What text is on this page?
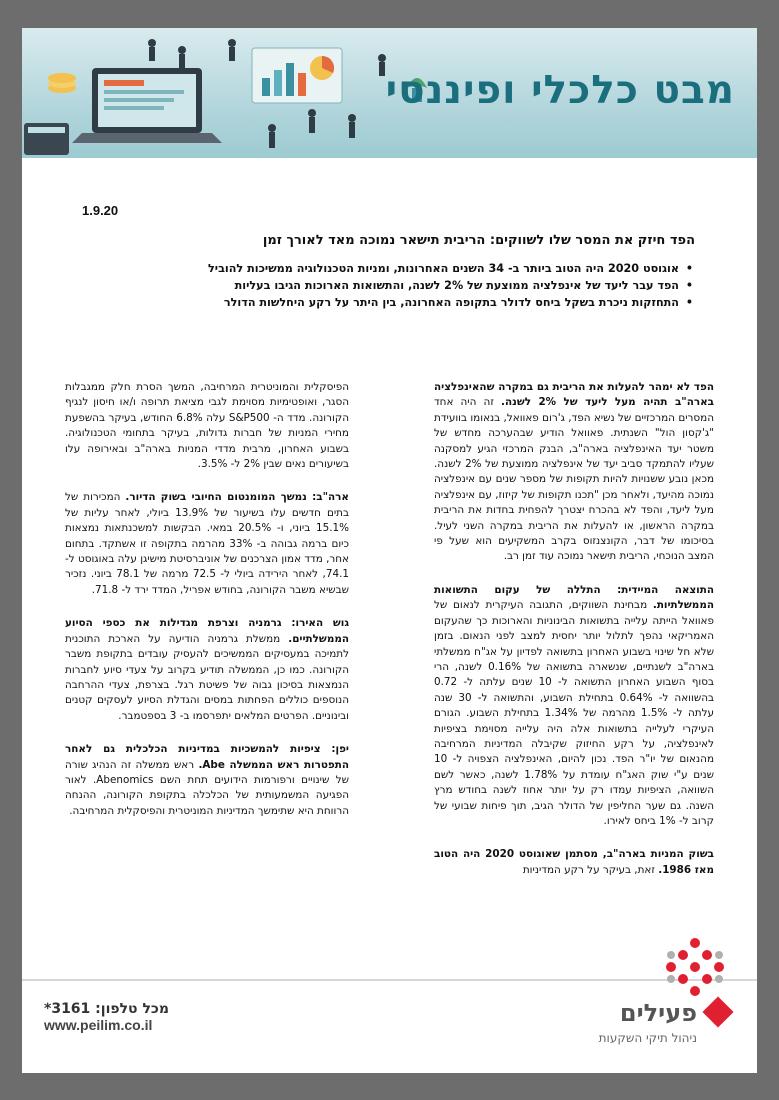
מבט כלכלי ופיננסי
1.9.20
הפד חיזק את המסר שלו לשווקים: הריבית תישאר נמוכה מאד לאורך זמן
• אוגוסט 2020 היה הטוב ביותר ב- 34 השנים האחרונות, ומניות הטכנולוגיה ממשיכות להוביל
• הפד עבר ליעד של אינפלציה ממוצעת של 2% לשנה, והתשואות הארוכות הגיבו בעליות
• התחזקות ניכרת בשקל ביחס לדולר בתקופה האחרונה, בין היתר על רקע היחלשות הדולר

הפד לא ימהר להעלות את הריבית גם במקרה שהאינפלציה בארה"ב תהיה מעל ליעד של 2% לשנה. זה היה אחד המסרים המרכזיים של נשיא הפד, ג'רום פאוואל, בנאומו בוועידת "ג'קסון הול" השנתית. פאוואל הודיע שבהערכה מחדש של משטר יעד האינפלציה בארה"ב, הבנק המרכזי הגיע למסקנה שעליו להתמקד סביב יעד של אינפלציה ממוצעת של 2% לשנה. מכאן נובע ששנויות להיות תקופות של מספר שנים עם אינפלציה נמוכה מהיעד, ולאחר מכן "תכנו תקופות של קיזוז, עם אינפלציה מעל ליעד, והפד לא בהכרח יצטרך להפחית בחדות את הריבית במקרה הראשון, או להעלות את הריבית במקרה השני לעיל. בסיכומו של דבר, הקונצנזוס בקרב המשקיעים הוא שעל פי המצב הנוכחי, הריבית תישאר נמוכה עוד זמן רב.

התוצאה המיידית: התללה של עקום התשואות הממשלתיות. מבחינת השווקים, התגובה העיקרית לנאום של פאוואל הייתה עלייה בתשואות הבינוניות והארוכות כך שהעקום האמריקאי נהפך לתלול יותר יחסית למצב לפני הנאום. בזמן שלא חל שינוי בשבוע האחרון בתשואה לפדיון על אג"ח ממשלתי בארה"ב לשנתיים, שנשארה בתשואה של 0.16% לשנה, הרי בסוף השבוע האחרון התשואה ל- 10 שנים עלתה ל- 0.72 בהשוואה ל- 0.64% בתחילת השבוע, והתשואה ל- 30 שנה עלתה ל- 1.5% מהרמה של 1.34% בתחילת השבוע. הגורם העיקרי לעלייה בתשואות אלה היה עלייה מסוימת בציפיות לאינפלציה, על רקע החיזוק שקיבלה המדיניות המרחיבה מהנאום של יו"ר הפד. נכון להיום, האינפלציה הצפויה ל- 10 שנים ע"י שוק האג"ח עומדת על 1.78% לשנה, כאשר לשם השוואה, הציפיות עמדו רק על יותר אחוז לשנה בחודש מרץ השנה. גם שער החליפין של הדולר הגיב, תוך פיחות שבועי של קרוב ל- 1% ביחס לאירו.

בשוק המניות בארה"ב, מסתמן שאוגוסט 2020 היה הטוב מאז 1986. זאת, בעיקר על רקע המדיניות

הפיסקלית והמוניטרית המרחיבה, המשך הסרת חלק ממגבלות הסגר, ואופטימיות מסוימת לגבי מציאת תרופה ו/או חיסון לנגיף הקורונה. מדד ה- S&P500 עלה 6.8% החודש, בעיקר בהשפעת מחירי המניות של חברות גדולות, בעיקר בתחומי הטכנולוגיה. בשבוע האחרון, מרבית מדדי המניות בארה"ב ובאירופה עלו בשיעורים נאים שבין 2% ל- 3.5%.

ארה"ב: נמשך המומנטום החיובי בשוק הדיור. המכירות של בתים חדשים עלו בשיעור של 13.9% ביולי, לאחר עליות של 15.1% ביוני, ו- 20.5% במאי. הבקשות למשכנתאות נמצאות כיום ברמה גבוהה ב- 33% מהרמה בתקופה זו אשתקד. בתחום אחר, מדד אמון הצרכנים של אוניברסיטת מישיגן עלה באוגוסט ל- 74.1, לאחר הירידה ביולי ל- 72.5 מרמה של 78.1 ביוני. נזכיר שבשיא משבר הקורונה, בחודש אפריל, המדד ירד ל- 71.8.

גוש האירו: גרמניה וצרפת מגדילות את כספי הסיוע הממשלתיים. ממשלת גרמניה הודיעה על הארכת התוכנית לתמיכה במעסיקים הממשיכים להעסיק עובדים בתקופת משבר הקורונה. כמו כן, הממשלה תודיע בקרוב על צעדי סיוע לחברות הנמצאות בסיכון גבוה של פשיטת רגל. בצרפת, צעדי ההרחבה הנוספים כוללים הפחתות במסים והגדלת הסיוע לעסקים קטנים ובינוניים. הפרטים המלאים יתפרסמו ב- 3 בספטמבר.

יפן: ציפיות להמשכיות במדיניות הכלכלית גם לאחר התפטרות ראש הממשלה Abe. ראש ממשלה זה הנהיג שורה של שינויים ורפורמות הידועים תחת השם Abenomics. לאור הפגיעה המשמעותית של הכלכלה בתקופת הקורונה, ההנחה הרווחת היא שתימשך המדיניות המוניטרית והפיסקלית המרחיבה.

מכל טלפון: 3161*
www.peilim.co.il	פעילים
ניהול תיקי השקעות
